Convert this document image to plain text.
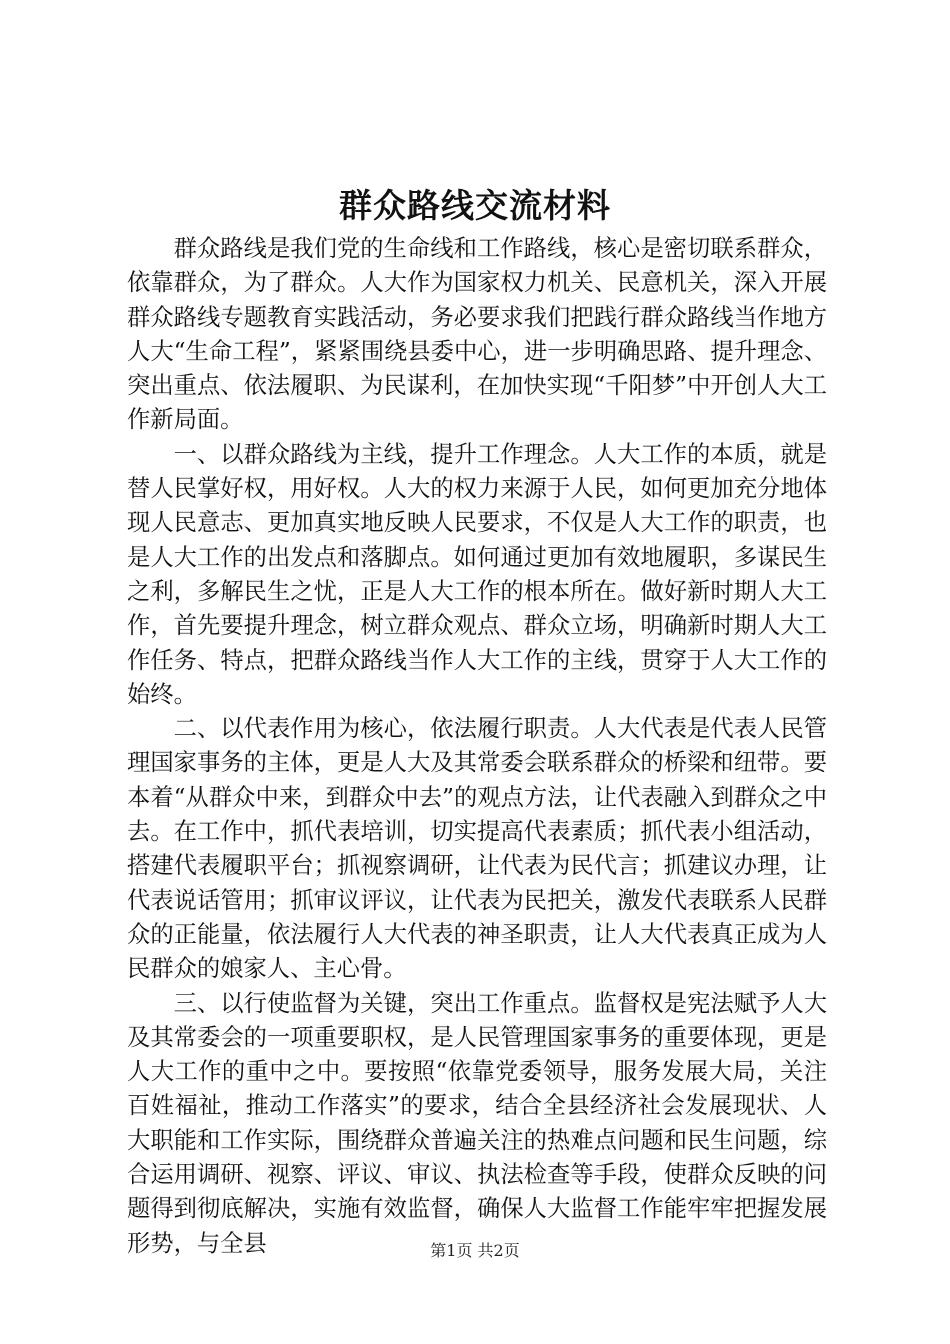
群众路线交流材料

群众路线是我们党的生命线和工作路线，核心是密切联系群众，依靠群众，为了群众。人大作为国家权力机关、民意机关，深入开展群众路线专题教育实践活动，务必要求我们把践行群众路线当作地方人大“生命工程”，紧紧围绕县委中心，进一步明确思路、提升理念、突出重点、依法履职、为民谋利，在加快实现“千阳梦”中开创人大工作新局面。

一、以群众路线为主线，提升工作理念。人大工作的本质，就是替人民掌好权，用好权。人大的权力来源于人民，如何更加充分地体现人民意志、更加真实地反映人民要求，不仅是人大工作的职责，也是人大工作的出发点和落脚点。如何通过更加有效地履职，多谋民生之利，多解民生之忧，正是人大工作的根本所在。做好新时期人大工作，首先要提升理念，树立群众观点、群众立场，明确新时期人大工作任务、特点，把群众路线当作人大工作的主线，贯穿于人大工作的始终。

二、以代表作用为核心，依法履行职责。人大代表是代表人民管理国家事务的主体，更是人大及其常委会联系群众的桥梁和纽带。要本着“从群众中来，到群众中去”的观点方法，让代表融入到群众之中去。在工作中，抓代表培训，切实提高代表素质；抓代表小组活动，搭建代表履职平台；抓视察调研，让代表为民代言；抓建议办理，让代表说话管用；抓审议评议，让代表为民把关，激发代表联系人民群众的正能量，依法履行人大代表的神圣职责，让人大代表真正成为人民群众的娘家人、主心骨。

三、以行使监督为关键，突出工作重点。监督权是宪法赋予人大及其常委会的一项重要职权，是人民管理国家事务的重要体现，更是人大工作的重中之中。要按照“依靠党委领导，服务发展大局，关注百姓福祉，推动工作落实”的要求，结合全县经济社会发展现状、人大职能和工作实际，围绕群众普遍关注的热难点问题和民生问题，综合运用调研、视察、评议、审议、执法检查等手段，使群众反映的问题得到彻底解决，实施有效监督，确保人大监督工作能牢牢把握发展形势，与全县	第1页 共2页
